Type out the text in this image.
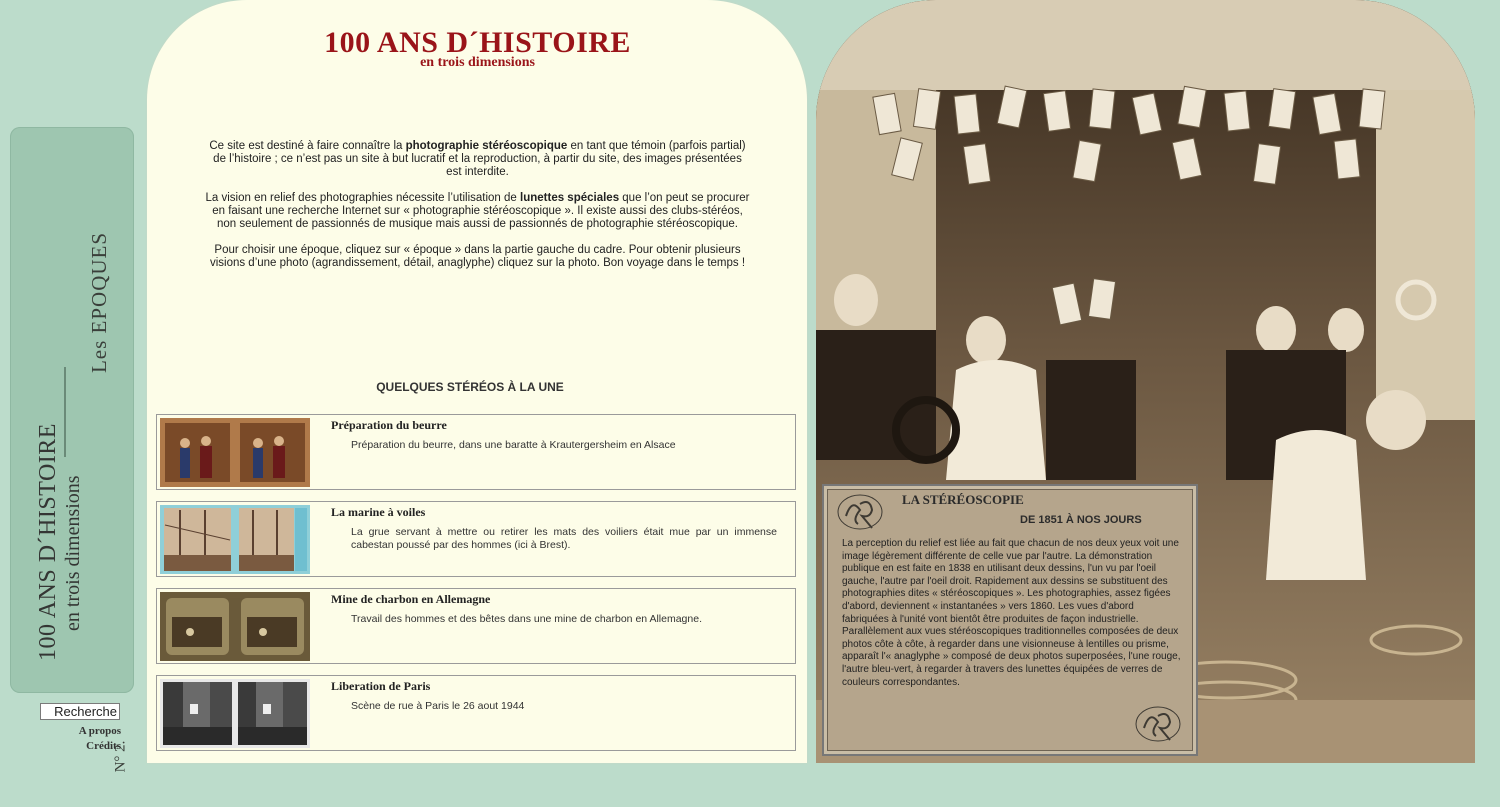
Les EPOQUES
100 ANS D´HISTOIRE en trois dimensions
N° 2.
Recherche
A propos
Crédits
100 ANS D´HISTOIRE
en trois dimensions

Ce site est destiné à faire connaître la photographie stéréoscopique en tant que témoin (parfois partial) de l’histoire ; ce n’est pas un site à but lucratif et la reproduction, à partir du site, des images présentées est interdite.

La vision en relief des photographies nécessite l’utilisation de lunettes spéciales que l’on peut se procurer en faisant une recherche Internet sur « photographie stéréoscopique ». Il existe aussi des clubs-stéréos, non seulement de passionnés de musique mais aussi de passionnés de photographie stéréoscopique.

Pour choisir une époque, cliquez sur « époque » dans la partie gauche du cadre. Pour obtenir plusieurs visions d’une photo (agrandissement, détail, anaglyphe) cliquez sur la photo. Bon voyage dans le temps !

QUELQUES STÉRÉOS À LA UNE
Préparation du beurre
Préparation du beurre, dans une baratte à Krautergersheim en Alsace
La marine à voiles
La grue servant à mettre ou retirer les mats des voiliers était mue par un immense cabestan poussé par des hommes (ici à Brest).
Mine de charbon en Allemagne
Travail des hommes et des bêtes dans une mine de charbon en Allemagne.
Liberation de Paris
Scène de rue à Paris le 26 aout 1944
LA STÉRÉOSCOPIE
DE 1851 À NOS JOURS
La perception du relief est liée au fait que chacun de nos deux yeux voit une image légèrement différente de celle vue par l'autre. La démonstration publique en est faite en 1838 en utilisant deux dessins, l'un vu par l'oeil gauche, l'autre par l'oeil droit. Rapidement aux dessins se substituent des photographies dites « stéréoscopiques ». Les photographies, assez figées d'abord, deviennent « instantanées » vers 1860. Les vues d'abord fabriquées à l'unité vont bientôt être produites de façon industrielle. Parallèlement aux vues stéréoscopiques traditionnelles composées de deux photos côte à côte, à regarder dans une visionneuse à lentilles ou prisme, apparaît l'« anaglyphe » composé de deux photos superposées, l'une rouge, l'autre bleu-vert, à regarder à travers des lunettes équipées de verres de couleurs correspondantes.
